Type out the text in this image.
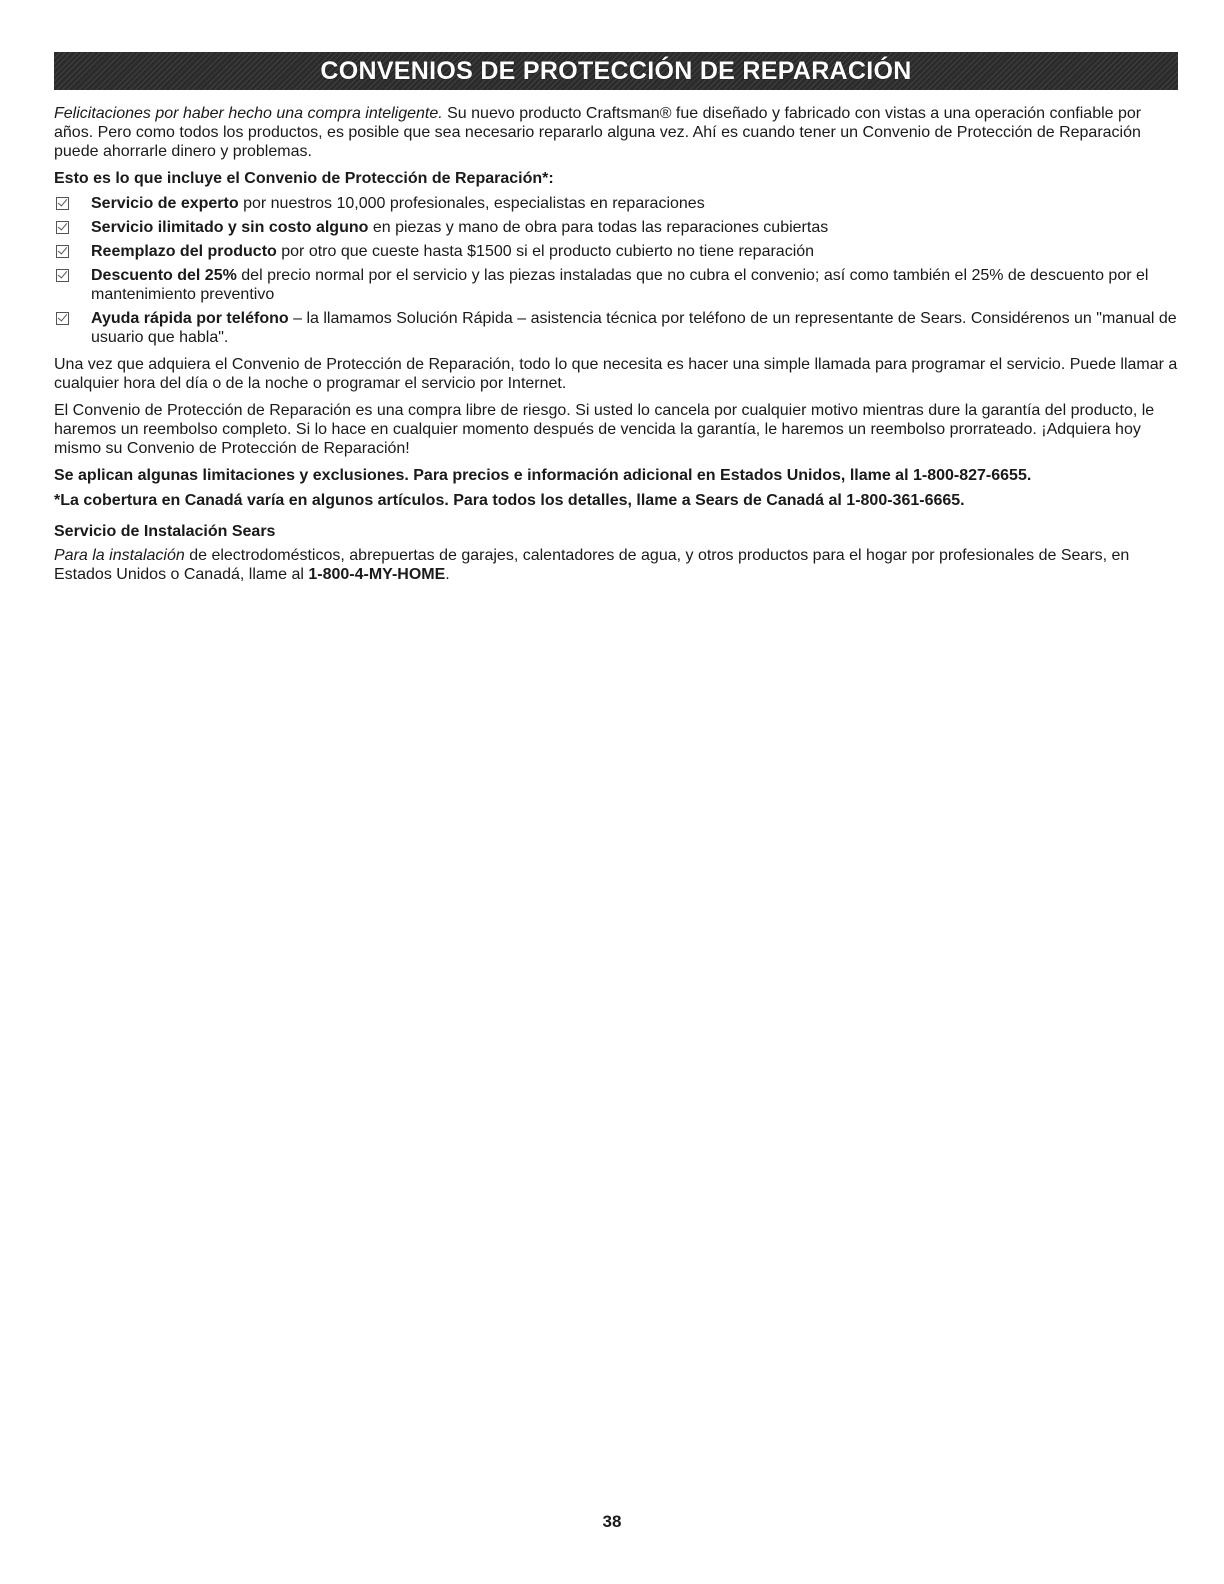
CONVENIOS DE PROTECCIÓN DE REPARACIÓN

Felicitaciones por haber hecho una compra inteligente. Su nuevo producto Craftsman® fue diseñado y fabricado con vistas a una operación confiable por años. Pero como todos los productos, es posible que sea necesario repararlo alguna vez. Ahí es cuando tener un Convenio de Protección de Reparación puede ahorrarle dinero y problemas.

Esto es lo que incluye el Convenio de Protección de Reparación*:

Servicio de experto por nuestros 10,000 profesionales, especialistas en reparaciones
Servicio ilimitado y sin costo alguno en piezas y mano de obra para todas las reparaciones cubiertas
Reemplazo del producto por otro que cueste hasta $1500 si el producto cubierto no tiene reparación
Descuento del 25% del precio normal por el servicio y las piezas instaladas que no cubra el convenio; así como también el 25% de descuento por el mantenimiento preventivo
Ayuda rápida por teléfono – la llamamos Solución Rápida – asistencia técnica por teléfono de un representante de Sears. Considérenos un "manual de usuario que habla".

Una vez que adquiera el Convenio de Protección de Reparación, todo lo que necesita es hacer una simple llamada para programar el servicio. Puede llamar a cualquier hora del día o de la noche o programar el servicio por Internet.

El Convenio de Protección de Reparación es una compra libre de riesgo. Si usted lo cancela por cualquier motivo mientras dure la garantía del producto, le haremos un reembolso completo. Si lo hace en cualquier momento después de vencida la garantía, le haremos un reembolso prorrateado. ¡Adquiera hoy mismo su Convenio de Protección de Reparación!

Se aplican algunas limitaciones y exclusiones. Para precios e información adicional en Estados Unidos, llame al 1-800-827-6655.

*La cobertura en Canadá varía en algunos artículos. Para todos los detalles, llame a Sears de Canadá al 1-800-361-6665.

Servicio de Instalación Sears

Para la instalación de electrodomésticos, abrepuertas de garajes, calentadores de agua, y otros productos para el hogar por profesionales de Sears, en Estados Unidos o Canadá, llame al 1-800-4-MY-HOME.

38
